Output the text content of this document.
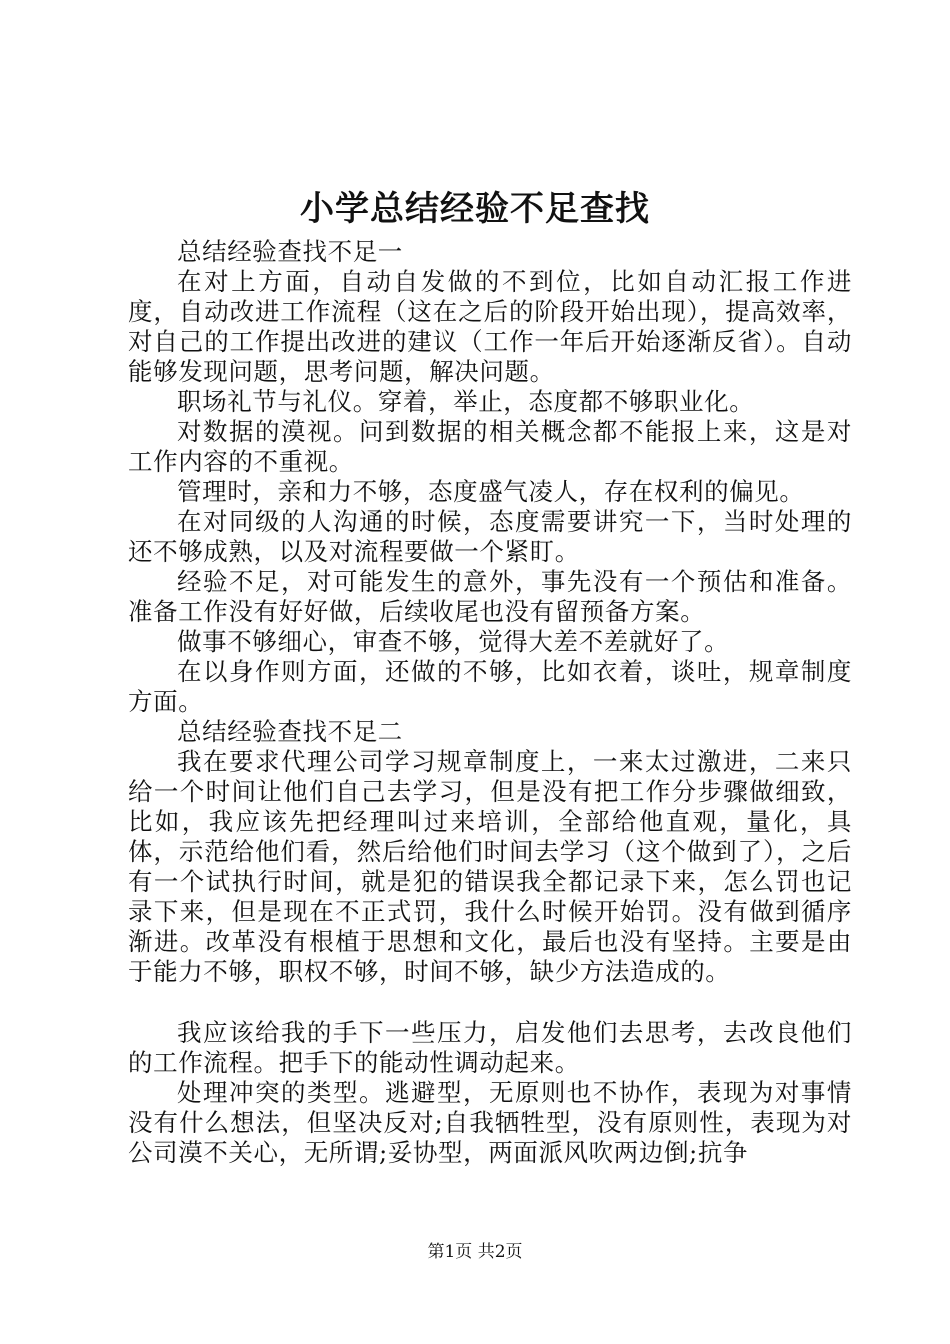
小学总结经验不足查找

总结经验查找不足一

在对上方面，自动自发做的不到位，比如自动汇报工作进度，自动改进工作流程（这在之后的阶段开始出现），提高效率，对自己的工作提出改进的建议（工作一年后开始逐渐反省）。自动能够发现问题，思考问题，解决问题。

职场礼节与礼仪。穿着，举止，态度都不够职业化。

对数据的漠视。问到数据的相关概念都不能报上来，这是对工作内容的不重视。

管理时，亲和力不够，态度盛气凌人，存在权利的偏见。

在对同级的人沟通的时候，态度需要讲究一下，当时处理的还不够成熟，以及对流程要做一个紧盯。

经验不足，对可能发生的意外，事先没有一个预估和准备。准备工作没有好好做，后续收尾也没有留预备方案。

做事不够细心，审查不够，觉得大差不差就好了。

在以身作则方面，还做的不够，比如衣着，谈吐，规章制度方面。

总结经验查找不足二

我在要求代理公司学习规章制度上，一来太过激进，二来只给一个时间让他们自己去学习，但是没有把工作分步骤做细致，比如，我应该先把经理叫过来培训，全部给他直观，量化，具体，示范给他们看，然后给他们时间去学习（这个做到了），之后有一个试执行时间，就是犯的错误我全都记录下来，怎么罚也记录下来，但是现在不正式罚，我什么时候开始罚。没有做到循序渐进。改革没有根植于思想和文化，最后也没有坚持。主要是由于能力不够，职权不够，时间不够，缺少方法造成的。

我应该给我的手下一些压力，启发他们去思考，去改良他们的工作流程。把手下的能动性调动起来。

处理冲突的类型。逃避型，无原则也不协作，表现为对事情没有什么想法，但坚决反对;自我牺牲型，没有原则性，表现为对公司漠不关心，无所谓;妥协型，两面派风吹两边倒;抗争

第1页 共2页
